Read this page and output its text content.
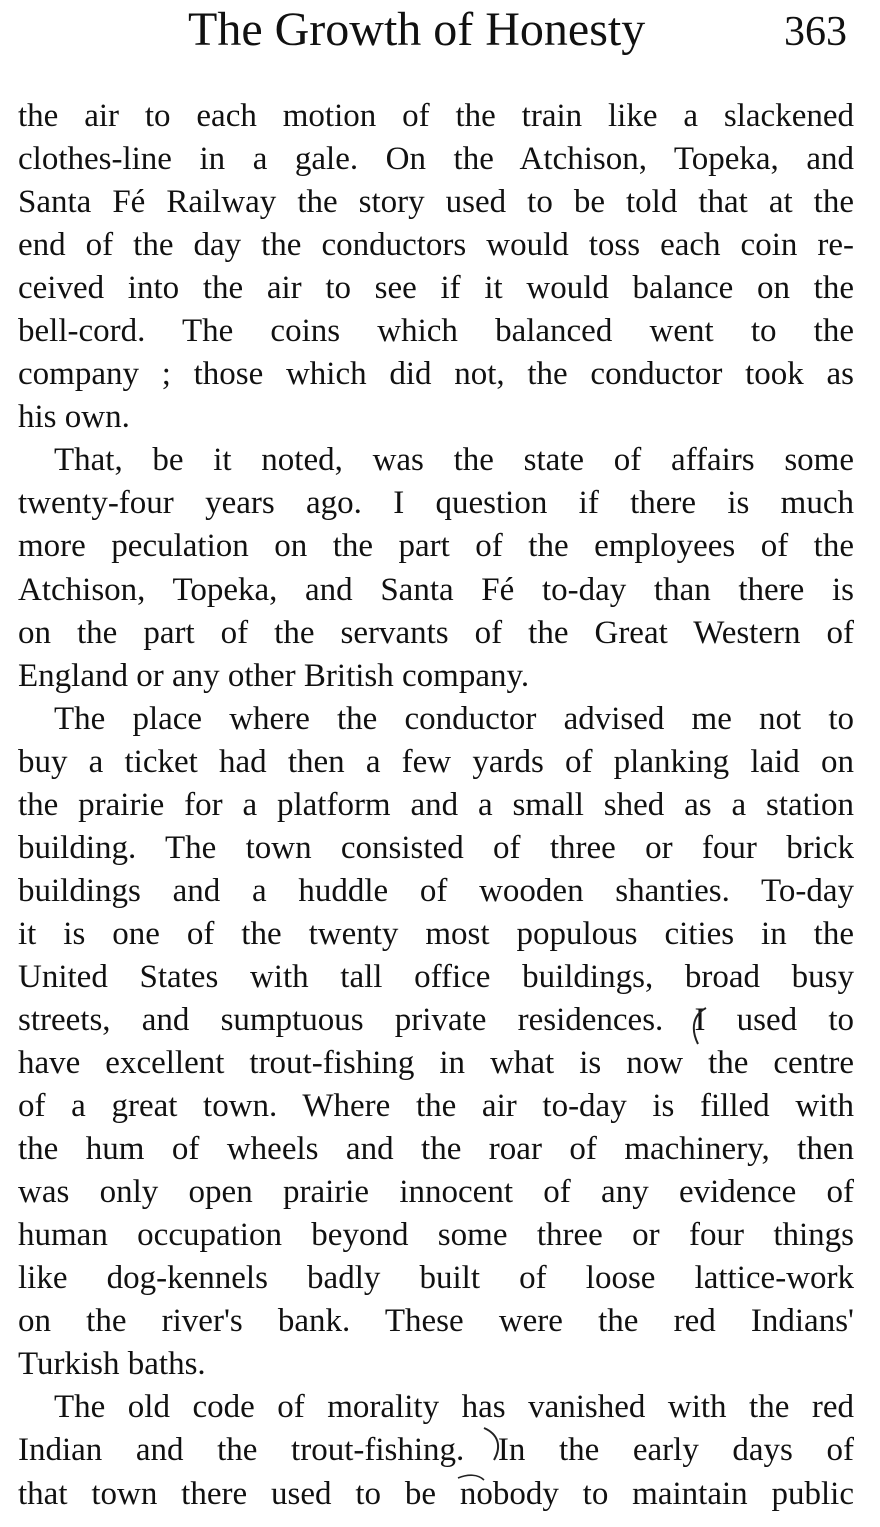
The Growth of Honesty	363
the air to each motion of the train like a slackened
clothes-line in a gale. On the Atchison, Topeka, and
Santa Fé Railway the story used to be told that at the
end of the day the conductors would toss each coin re-
ceived into the air to see if it would balance on the
bell-cord. The coins which balanced went to the
company ; those which did not, the conductor took as
his own.
That, be it noted, was the state of affairs some
twenty-four years ago. I question if there is much
more peculation on the part of the employees of the
Atchison, Topeka, and Santa Fé to-day than there is
on the part of the servants of the Great Western of
England or any other British company.
The place where the conductor advised me not to
buy a ticket had then a few yards of planking laid on
the prairie for a platform and a small shed as a station
building. The town consisted of three or four brick
buildings and a huddle of wooden shanties. To-day
it is one of the twenty most populous cities in the
United States with tall office buildings, broad busy
streets, and sumptuous private residences. I used to
have excellent trout-fishing in what is now the centre
of a great town. Where the air to-day is filled with
the hum of wheels and the roar of machinery, then
was only open prairie innocent of any evidence of
human occupation beyond some three or four things
like dog-kennels badly built of loose lattice-work
on the river's bank. These were the red Indians'
Turkish baths.
The old code of morality has vanished with the red
Indian and the trout-fishing. In the early days of
that town there used to be nobody to maintain public
